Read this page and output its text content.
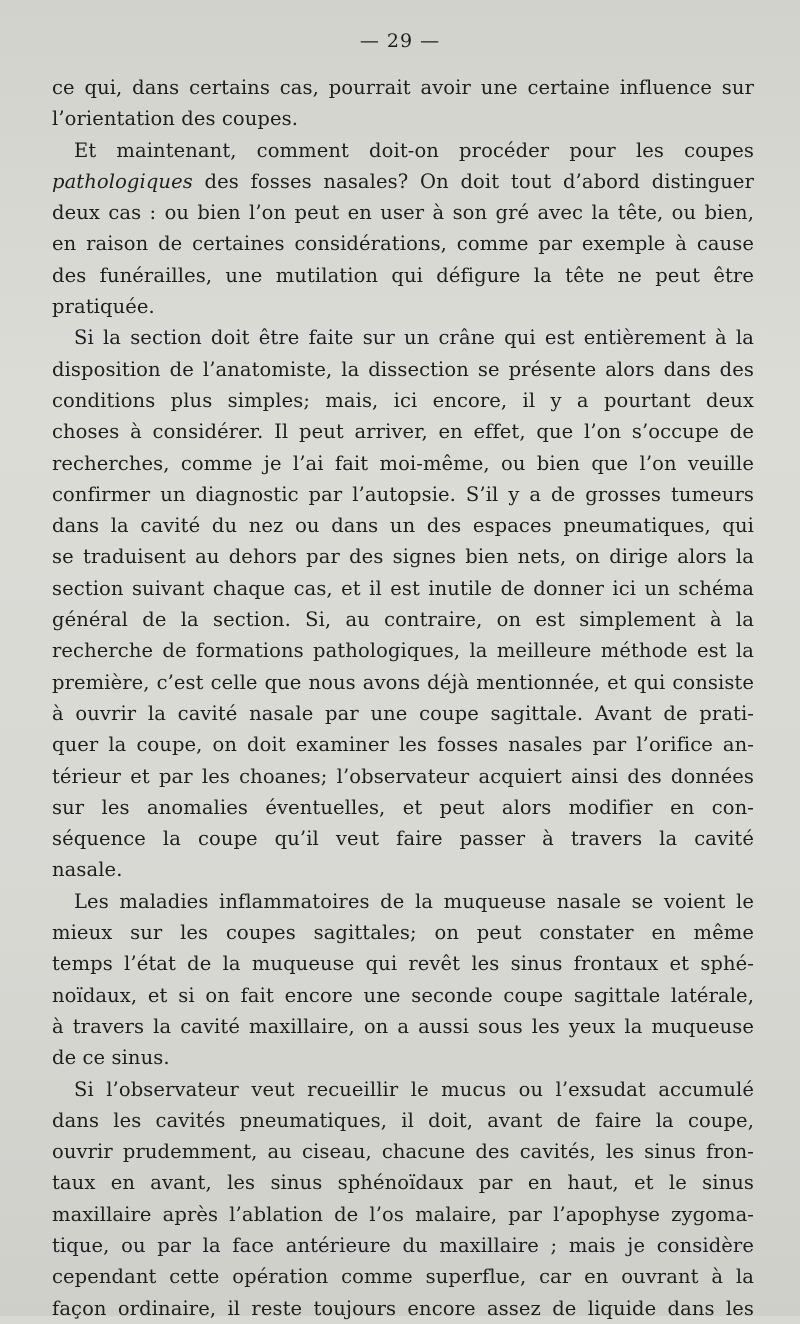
— 29 —
ce qui, dans certains cas, pourrait avoir une certaine influence sur
l’orientation des coupes.
Et maintenant, comment doit-on procéder pour les coupes
pathologiques des fosses nasales? On doit tout d’abord distinguer
deux cas : ou bien l’on peut en user à son gré avec la tête, ou bien,
en raison de certaines considérations, comme par exemple à cause
des funérailles, une mutilation qui défigure la tête ne peut être
pratiquée.
Si la section doit être faite sur un crâne qui est entièrement à la
disposition de l’anatomiste, la dissection se présente alors dans des
conditions plus simples; mais, ici encore, il y a pourtant deux
choses à considérer. Il peut arriver, en effet, que l’on s’occupe de
recherches, comme je l’ai fait moi-même, ou bien que l’on veuille
confirmer un diagnostic par l’autopsie. S’il y a de grosses tumeurs
dans la cavité du nez ou dans un des espaces pneumatiques, qui
se traduisent au dehors par des signes bien nets, on dirige alors la
section suivant chaque cas, et il est inutile de donner ici un schéma
général de la section. Si, au contraire, on est simplement à la
recherche de formations pathologiques, la meilleure méthode est la
première, c’est celle que nous avons déjà mentionnée, et qui consiste
à ouvrir la cavité nasale par une coupe sagittale. Avant de prati-
quer la coupe, on doit examiner les fosses nasales par l’orifice an-
térieur et par les choanes; l’observateur acquiert ainsi des données
sur les anomalies éventuelles, et peut alors modifier en con-
séquence la coupe qu’il veut faire passer à travers la cavité
nasale.
Les maladies inflammatoires de la muqueuse nasale se voient le
mieux sur les coupes sagittales; on peut constater en même
temps l’état de la muqueuse qui revêt les sinus frontaux et sphé-
noïdaux, et si on fait encore une seconde coupe sagittale latérale,
à travers la cavité maxillaire, on a aussi sous les yeux la muqueuse
de ce sinus.
Si l’observateur veut recueillir le mucus ou l’exsudat accumulé
dans les cavités pneumatiques, il doit, avant de faire la coupe,
ouvrir prudemment, au ciseau, chacune des cavités, les sinus fron-
taux en avant, les sinus sphénoïdaux par en haut, et le sinus
maxillaire après l’ablation de l’os malaire, par l’apophyse zygoma-
tique, ou par la face antérieure du maxillaire ; mais je considère
cependant cette opération comme superflue, car en ouvrant à la
façon ordinaire, il reste toujours encore assez de liquide dans les
